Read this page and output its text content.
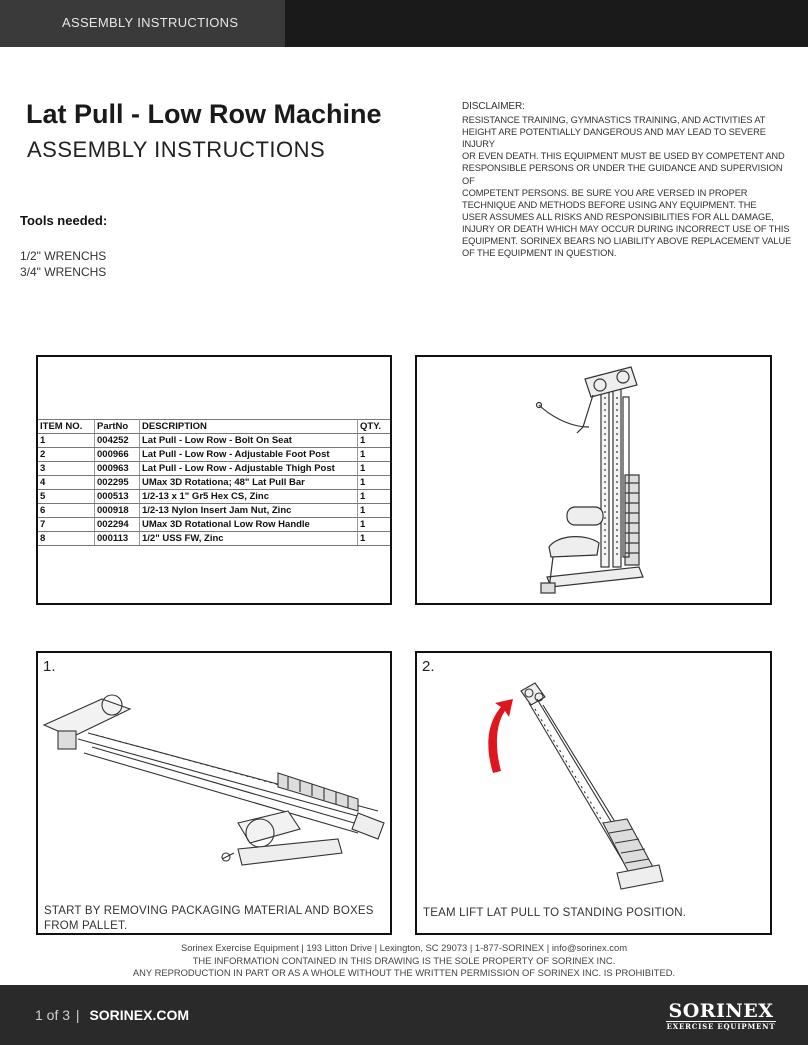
ASSEMBLY INSTRUCTIONS
Lat Pull - Low Row Machine
ASSEMBLY INSTRUCTIONS
Tools needed:
1/2" WRENCHS
3/4" WRENCHS
DISCLAIMER:
RESISTANCE TRAINING, GYMNASTICS TRAINING, AND ACTIVITIES AT
HEIGHT ARE POTENTIALLY DANGEROUS AND MAY LEAD TO SEVERE INJURY
OR EVEN DEATH. THIS EQUIPMENT MUST BE USED BY COMPETENT AND
RESPONSIBLE PERSONS OR UNDER THE GUIDANCE AND SUPERVISION OF
COMPETENT PERSONS. BE SURE YOU ARE VERSED IN PROPER
TECHNIQUE AND METHODS BEFORE USING ANY EQUIPMENT. THE
USER ASSUMES ALL RISKS AND RESPONSIBILITIES FOR ALL DAMAGE,
INJURY OR DEATH WHICH MAY OCCUR DURING INCORRECT USE OF THIS
EQUIPMENT. SORINEX BEARS NO LIABILITY ABOVE REPLACEMENT VALUE
OF THE EQUIPMENT IN QUESTION.
ITEM NO.	PartNo	DESCRIPTION	QTY.
1	004252	Lat Pull - Low Row - Bolt On Seat	1
2	000966	Lat Pull - Low Row - Adjustable Foot Post	1
3	000963	Lat Pull - Low Row - Adjustable Thigh Post	1
4	002295	UMax 3D Rotationa; 48" Lat Pull Bar	1
5	000513	1/2-13 x 1" Gr5 Hex CS, Zinc	1
6	000918	1/2-13 Nylon Insert Jam Nut, Zinc	1
7	002294	UMax 3D Rotational Low Row Handle	1
8	000113	1/2" USS FW, Zinc	1
1.
START BY REMOVING PACKAGING MATERIAL AND BOXES
FROM PALLET.
2.
TEAM LIFT LAT PULL TO STANDING POSITION.
Sorinex Exercise Equipment | 193 Litton Drive | Lexington, SC 29073 | 1-877-SORINEX | info@sorinex.com
THE INFORMATION CONTAINED IN THIS DRAWING IS THE SOLE PROPERTY OF SORINEX INC.
ANY REPRODUCTION IN PART OR AS A WHOLE WITHOUT THE WRITTEN PERMISSION OF SORINEX INC. IS PROHIBITED.
1 of 3 | SORINEX.COM	SORINEX
EXERCISE EQUIPMENT
